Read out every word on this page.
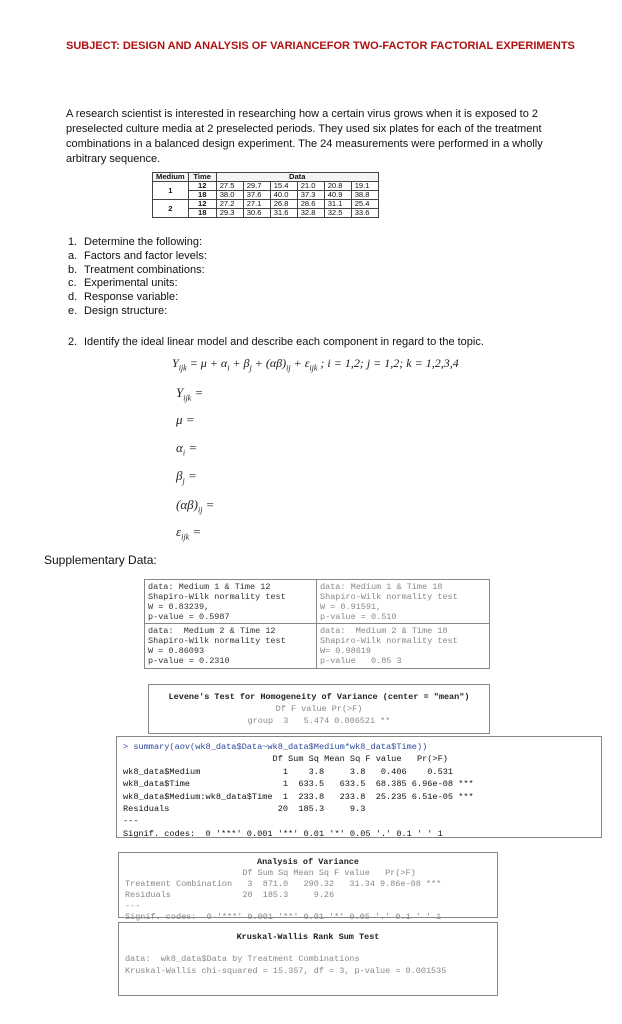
SUBJECT: DESIGN AND ANALYSIS OF VARIANCEFOR TWO-FACTOR FACTORIAL EXPERIMENTS
A research scientist is interested in researching how a certain virus grows when it is exposed to 2 preselected culture media at 2 preselected periods. They used six plates for each of the treatment combinations in a balanced design experiment. The 24 measurements were performed in a wholly arbitrary sequence.
Medium	Time	Data					
1	12	27.5	29.7	15.4	21.0	20.8	19.1
	18	38.0	37.6	40.0	37.3	40.9	38.8
2	12	27.2	27.1	26.8	28.6	31.1	25.4
	18	29.3	30.6	31.6	32.8	32.5	33.6
1. Determine the following:
a. Factors and factor levels:
b. Treatment combinations:
c. Experimental units:
d. Response variable:
e. Design structure:
2. Identify the ideal linear model and describe each component in regard to the topic.
$Y_{ijk} = \mu + \alpha_i + \beta_j + (\alpha\beta)_{ij} + \varepsilon_{ijk}$ ; i = 1,2; j = 1,2; k = 1,2,3,4
$Y_{ijk}$ =
μ =
$\alpha_i$ =
$\beta_j$ =
$(\alpha\beta)_{ij}$ =
$\varepsilon_{ijk}$ =
Supplementary Data:
data: Medium 1 & Time 12
Shapiro-Wilk normality test
W = 0.83239,
p-value = 0.5987
data: Medium 1 & Time 18
Shapiro-Wilk normality test
W = 0.91591,
p-value = 0.510
data:  Medium 2 & Time 12
Shapiro-Wilk normality test
W = 0.86093
p-value = 0.2310
data:  Medium 2 & Time 18
Shapiro-Wilk normality test
W= 0.98619
p-value   0.85 3
Levene's Test for Homogeneity of Variance (center = "mean")
Df F value Pr(>F)
group  3   5.474 0.006521 **
> summary(aov(wk8_data$Data~wk8_data$Medium*wk8_data$Time))
Df Sum Sq Mean Sq F value   Pr(>F)
wk8_data$Medium                1    3.8     3.8   0.406    0.531
wk8_data$Time                  1  633.5   633.5  68.385 6.96e-08 ***
wk8_data$Medium:wk8_data$Time  1  233.8   233.8  25.235 6.51e-05 ***
Residuals                     20  185.3     9.3
---
Signif. codes:  0 '***' 0.001 '**' 0.01 '*' 0.05 '.' 0.1 ' ' 1
Analysis of Variance
Df Sum Sq Mean Sq F value   Pr(>F)
Treatment Combination   3  871.0   290.32   31.34 9.86e-08 ***
Residuals              20  185.3     9.26
---
Signif. codes:  0 '***' 0.001 '**' 0.01 '*' 0.05 '.' 0.1 ' ' 1
Kruskal-Wallis Rank Sum Test
data:  wk8_data$Data by Treatment Combinations
Kruskal-Wallis chi-squared = 15.357, df = 3, p-value = 0.001535
